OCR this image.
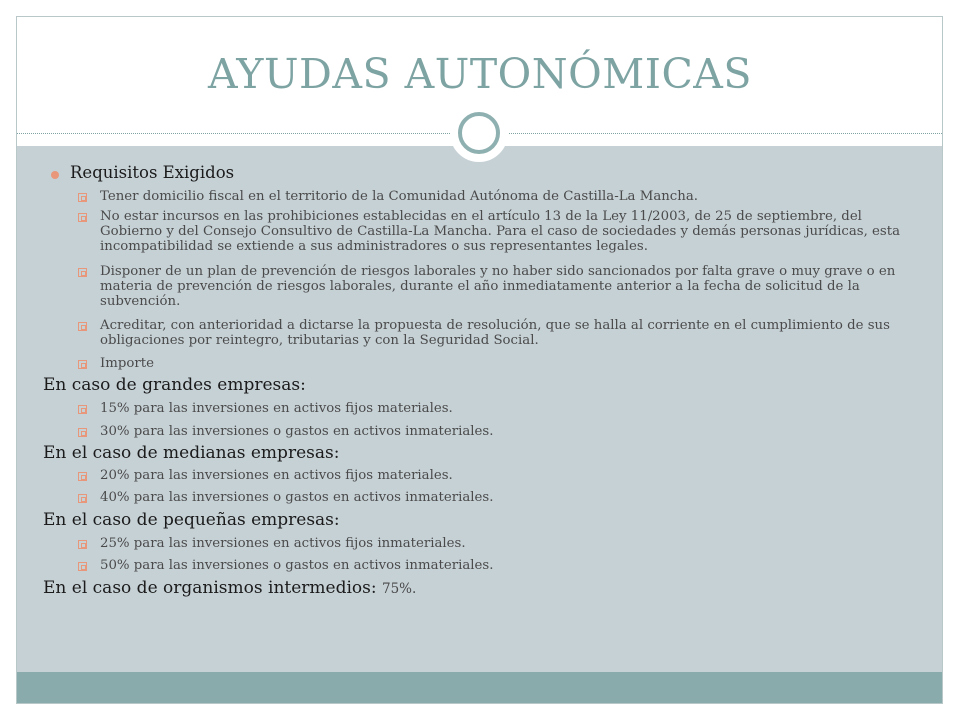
AYUDAS AUTONÓMICAS
Requisitos Exigidos
Tener domicilio fiscal en el territorio de la Comunidad Autónoma de Castilla-La Mancha.
No estar incursos en las prohibiciones establecidas en el artículo 13 de la Ley 11/2003, de 25 de septiembre, del Gobierno y del Consejo Consultivo de Castilla-La Mancha. Para el caso de sociedades y demás personas jurídicas, esta incompatibilidad se extiende a sus administradores o sus representantes legales.
Disponer de un plan de prevención de riesgos laborales y no haber sido sancionados por falta grave o muy grave o en materia de prevención de riesgos laborales, durante el año inmediatamente anterior a la fecha de solicitud de la subvención.
Acreditar, con anterioridad a dictarse la propuesta de resolución, que se halla al corriente en el cumplimiento de sus obligaciones por reintegro, tributarias y con la Seguridad Social.
Importe
En caso de grandes empresas:
15% para las inversiones en activos fijos materiales.
30% para las inversiones o gastos en activos inmateriales.
En el caso de medianas empresas:
20% para las inversiones en activos fijos materiales.
40% para las inversiones o gastos en activos inmateriales.
En el caso de pequeñas empresas:
25% para las inversiones en activos fijos inmateriales.
50% para las inversiones o gastos en activos inmateriales.
En el caso de organismos intermedios: 75%.
